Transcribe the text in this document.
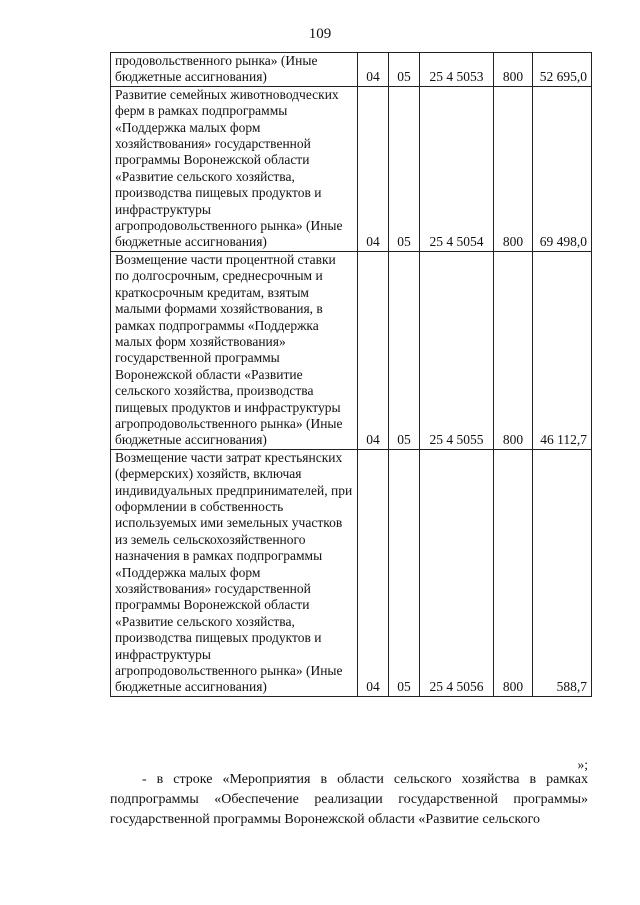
109
продовольственного рынка» (Иные бюджетные ассигнования)	04	05	25 4 5053	800	52 695,0

Развитие семейных животноводческих ферм в рамках подпрограммы «Поддержка малых форм хозяйствования» государственной программы Воронежской области «Развитие сельского хозяйства, производства пищевых продуктов и инфраструктуры агропродовольственного рынка» (Иные бюджетные ассигнования)	04	05	25 4 5054	800	69 498,0

Возмещение части процентной ставки по долгосрочным, среднесрочным и краткосрочным кредитам, взятым малыми формами хозяйствования, в рамках подпрограммы «Поддержка малых форм хозяйствования» государственной программы Воронежской области «Развитие сельского хозяйства, производства пищевых продуктов и инфраструктуры агропродовольственного рынка» (Иные бюджетные ассигнования)	04	05	25 4 5055	800	46 112,7

Возмещение части затрат крестьянских (фермерских) хозяйств, включая индивидуальных предпринимателей, при оформлении в собственность используемых ими земельных участков из земель сельскохозяйственного назначения в рамках подпрограммы «Поддержка малых форм хозяйствования» государственной программы Воронежской области «Развитие сельского хозяйства, производства пищевых продуктов и инфраструктуры агропродовольственного рынка» (Иные бюджетные ассигнования)	04	05	25 4 5056	800	588,7
»;
- в строке «Мероприятия в области сельского хозяйства в рамках подпрограммы «Обеспечение реализации государственной программы» государственной программы Воронежской области «Развитие сельского
